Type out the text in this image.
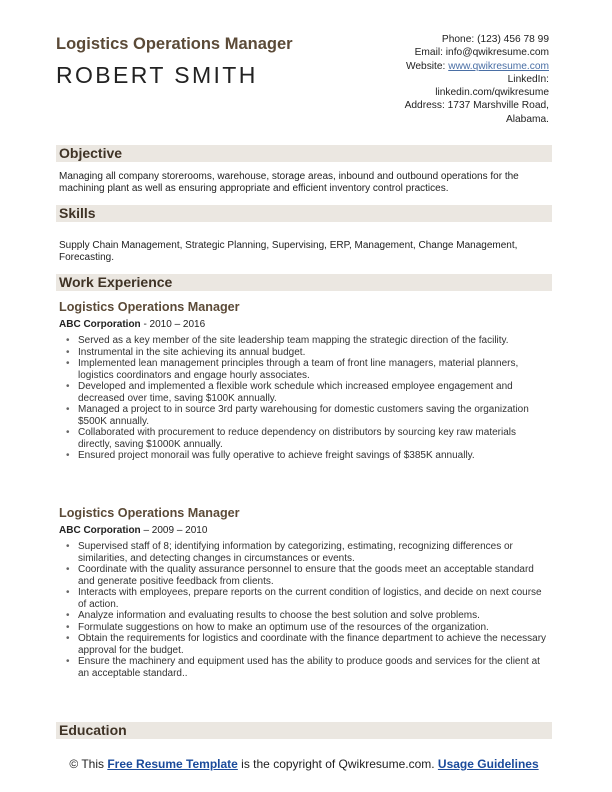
Logistics Operations Manager
ROBERT SMITH
Phone: (123) 456 78 99
Email: info@qwikresume.com
Website: www.qwikresume.com
LinkedIn:
linkedin.com/qwikresume
Address: 1737 Marshville Road,
Alabama.
Objective
Managing all company storerooms, warehouse, storage areas, inbound and outbound operations for the machining plant as well as ensuring appropriate and efficient inventory control practices.
Skills
Supply Chain Management, Strategic Planning, Supervising, ERP, Management, Change Management, Forecasting.
Work Experience
Logistics Operations Manager
ABC Corporation - 2010 – 2016
• Served as a key member of the site leadership team mapping the strategic direction of the facility.
• Instrumental in the site achieving its annual budget.
• Implemented lean management principles through a team of front line managers, material planners, logistics coordinators and engage hourly associates.
• Developed and implemented a flexible work schedule which increased employee engagement and decreased over time, saving $100K annually.
• Managed a project to in source 3rd party warehousing for domestic customers saving the organization $500K annually.
• Collaborated with procurement to reduce dependency on distributors by sourcing key raw materials directly, saving $1000K annually.
• Ensured project monorail was fully operative to achieve freight savings of $385K annually.
Logistics Operations Manager
ABC Corporation – 2009 – 2010
• Supervised staff of 8; identifying information by categorizing, estimating, recognizing differences or similarities, and detecting changes in circumstances or events.
• Coordinate with the quality assurance personnel to ensure that the goods meet an acceptable standard and generate positive feedback from clients.
• Interacts with employees, prepare reports on the current condition of logistics, and decide on next course of action.
• Analyze information and evaluating results to choose the best solution and solve problems.
• Formulate suggestions on how to make an optimum use of the resources of the organization.
• Obtain the requirements for logistics and coordinate with the finance department to achieve the necessary approval for the budget.
• Ensure the machinery and equipment used has the ability to produce goods and services for the client at an acceptable standard..
Education
© This Free Resume Template is the copyright of Qwikresume.com. Usage Guidelines
